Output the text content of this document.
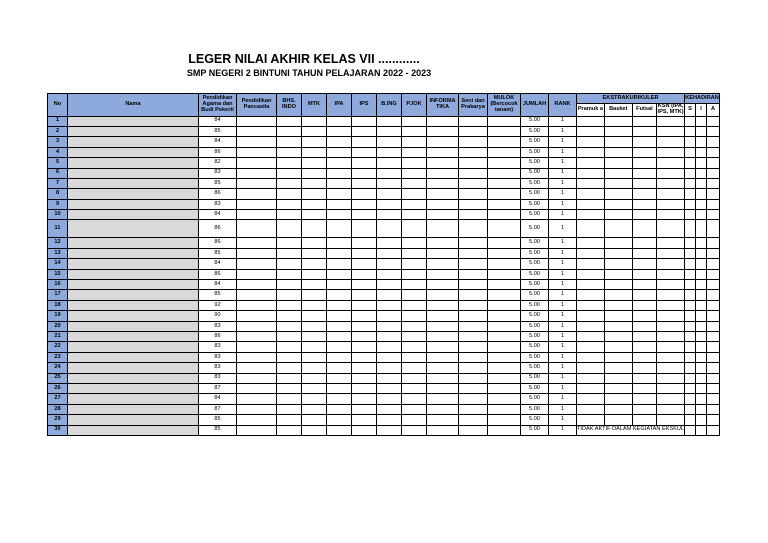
LEGER NILAI AKHIR KELAS VII ............
SMP NEGERI 2 BINTUNI TAHUN PELAJARAN 2022 - 2023
No	Nama	Pendidikan Agama dan Budi Pekerti	Pendidikan Pancasila	BHS. INDO	MTK	IPA	IPS	B.ING	PJOK	INFORMA TIKA	Seni dan Prakarya	MULOK (Bercocok tanam)	JUMLAH	RANK	EKSTRAKURIKULER				KEHADIRAN		
															Pramuk a	Basket	Futsal	KSN (IPA, IPS, MTK)	S	I	A
1		84											5.00	1							
2		85											5.00	1							
3		84											5.00	1							
4		86											5.00	1							
5		82											5.00	1							
6		83											5.00	1							
7		85											5.00	1							
8		86											5.00	1							
9		83											5.00	1							
10		84											5.00	1							
11		86											5.00	1							
12		86											5.00	1							
13		85											5.00	1							
14		84											5.00	1							
15		86											5.00	1							
16		84											5.00	1							
17		85											5.00	1							
18		92											5.00	1							
19		90											5.00	1							
20		83											5.00	1							
21		86											5.00	1							
22		83											5.00	1							
23		83											5.00	1							
24		83											5.00	1							
25		83											5.00	1							
26		87											5.00	1							
27		84											5.00	1							
28		87											5.00	1							
29		85											5.00	1							
30		85											5.00	1	TIDAK AKTIF DALAM KEGIATAN EKSKUL						
